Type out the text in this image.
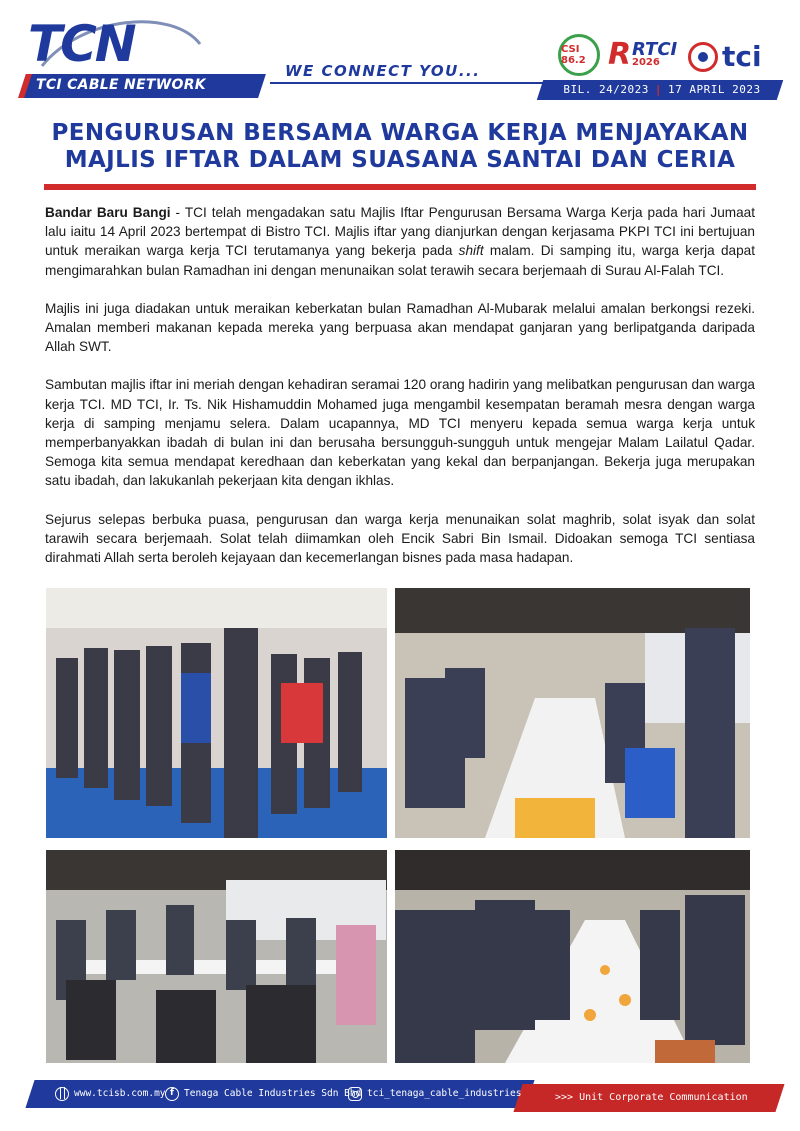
TCN
TCI CABLE NETWORK
WE CONNECT YOU...
CSI 86.2 R RTCI
2026 tci
BIL. 24/2023 | 17 APRIL 2023
PENGURUSAN BERSAMA WARGA KERJA MENJAYAKAN
MAJLIS IFTAR DALAM SUASANA SANTAI DAN CERIA

Bandar Baru Bangi - TCI telah mengadakan satu Majlis Iftar Pengurusan Bersama Warga Kerja pada hari Jumaat lalu iaitu 14 April 2023 bertempat di Bistro TCI. Majlis iftar yang dianjurkan dengan kerjasama PKPI TCI ini bertujuan untuk meraikan warga kerja TCI terutamanya yang bekerja pada shift malam. Di samping itu, warga kerja dapat mengimarahkan bulan Ramadhan ini dengan menunaikan solat terawih secara berjemaah di Surau Al-Falah TCI.

Majlis ini juga diadakan untuk meraikan keberkatan bulan Ramadhan Al-Mubarak melalui amalan berkongsi rezeki. Amalan memberi makanan kepada mereka yang berpuasa akan mendapat ganjaran yang berlipatganda daripada Allah SWT.

Sambutan majlis iftar ini meriah dengan kehadiran seramai 120 orang hadirin yang melibatkan pengurusan dan warga kerja TCI. MD TCI, Ir. Ts. Nik Hishamuddin Mohamed juga mengambil kesempatan beramah mesra dengan warga kerja di samping menjamu selera. Dalam ucapannya, MD TCI menyeru kepada semua warga kerja untuk memperbanyakkan ibadah di bulan ini dan berusaha bersungguh-sungguh untuk mengejar Malam Lailatul Qadar. Semoga kita semua mendapat keredhaan dan keberkatan yang kekal dan berpanjangan. Bekerja juga merupakan satu ibadah, dan lakukanlah pekerjaan kita dengan ikhlas.

Sejurus selepas berbuka puasa, pengurusan dan warga kerja menunaikan solat maghrib, solat isyak dan solat tarawih secara berjemaah. Solat telah diimamkan oleh Encik Sabri Bin Ismail. Didoakan semoga TCI sentiasa dirahmati Allah serta beroleh kejayaan dan kecemerlangan bisnes pada masa hadapan.

www.tcisb.com.my f	Tenaga Cable Industries Sdn Bhd tci_tenaga_cable_industries	>>> Unit Corporate Communication
